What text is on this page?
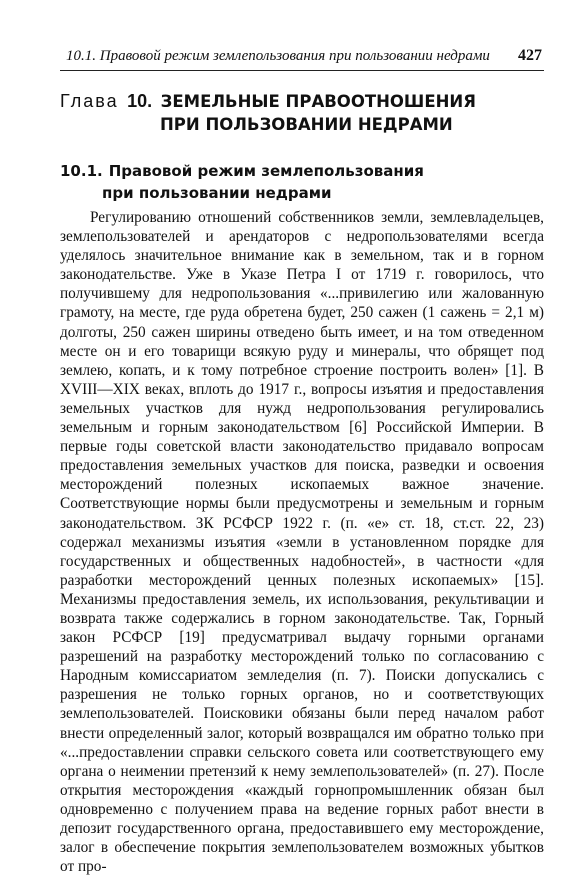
10.1. Правовой режим землепользования при пользовании недрами 427
Глава 10. ЗЕМЕЛЬНЫЕ ПРАВООТНОШЕНИЯ
ПРИ ПОЛЬЗОВАНИИ НЕДРАМИ
10.1. Правовой режим землепользования
при пользовании недрами

Регулированию отношений собственников земли, землевладельцев, землепользователей и арендаторов с недропользователями всегда уделялось значительное внимание как в земельном, так и в горном законодательстве. Уже в Указе Петра I от 1719 г. говорилось, что получившему для недропользования «...привилегию или жалованную грамоту, на месте, где руда обретена будет, 250 сажен (1 сажень = 2,1 м) долготы, 250 сажен ширины отведено быть имеет, и на том отведенном месте он и его товарищи всякую руду и минералы, что обрящет под землею, копать, и к тому потребное строение построить волен» [1]. В XVIII—XIX веках, вплоть до 1917 г., вопросы изъятия и предоставления земельных участков для нужд недропользования регулировались земельным и горным законодательством [6] Российской Империи. В первые годы советской власти законодательство придавало вопросам предоставления земельных участков для поиска, разведки и освоения месторождений полезных ископаемых важное значение. Соответствующие нормы были предусмотрены и земельным и горным законодательством. ЗК РСФСР 1922 г. (п. «е» ст. 18, ст.ст. 22, 23) содержал механизмы изъятия «земли в установленном порядке для государственных и общественных надобностей», в частности «для разработки месторождений ценных полезных ископаемых» [15]. Механизмы предоставления земель, их использования, рекультивации и возврата также содержались в горном законодательстве. Так, Горный закон РСФСР [19] предусматривал выдачу горными органами разрешений на разработку месторождений только по согласованию с Народным комиссариатом земледелия (п. 7). Поиски допускались с разрешения не только горных органов, но и соответствующих землепользователей. Поисковики обязаны были перед началом работ внести определенный залог, который возвращался им обратно только при «...предоставлении справки сельского совета или соответствующего ему органа о неимении претензий к нему землепользователей» (п. 27). После открытия месторождения «каждый горнопромышленник обязан был одновременно с получением права на ведение горных работ внести в депозит государственного органа, предоставившего ему месторождение, залог в обеспечение покрытия землепользователем возможных убытков от про-
